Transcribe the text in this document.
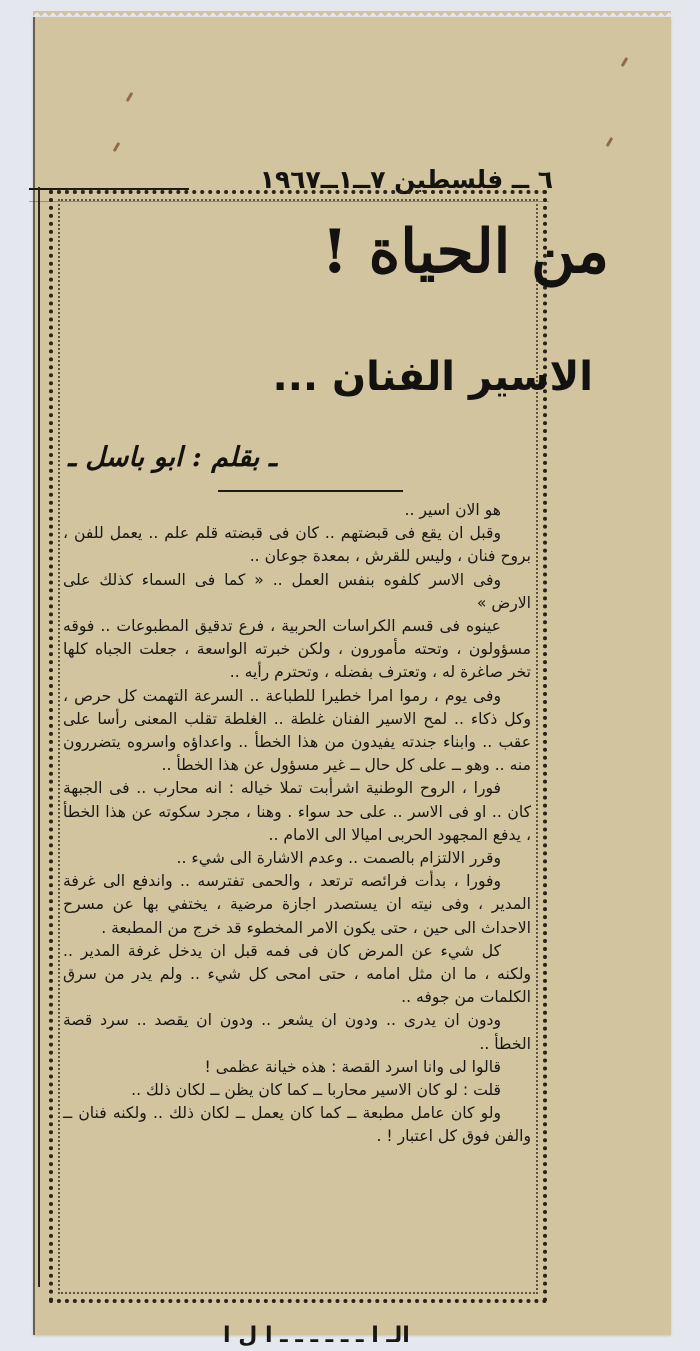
٦ ــ فلسطين ٧ــ١ــ١٩٦٧
من الحياة !
الاسير الفنان ...
ـ بقلم : ابو باسل ـ

هو الان اسير ..

وقبل ان يقع فى قبضتهم .. كان فى قبضته قلم علم .. يعمل للفن ، بروح فنان ، وليس للقرش ، بمعدة جوعان ..

وفى الاسر كلفوه بنفس العمل .. « كما فى السماء كذلك على الارض »

عينوه فى قسم الكراسات الحربية ، فرع تدقيق المطبوعات .. فوقه مسؤولون ، وتحته مأمورون ، ولكن خبرته الواسعة ، جعلت الجباه كلها تخر صاغرة له ، وتعترف بفضله ، وتحترم رأيه ..

وفى يوم ، رموا امرا خطيرا للطباعة .. السرعة التهمت كل حرص ، وكل ذكاء .. لمح الاسير الفنان غلطة .. الغلطة تقلب المعنى رأسا على عقب .. وابناء جندته يفيدون من هذا الخطأ .. واعداؤه واسروه يتضررون منه .. وهو ــ على كل حال ــ غير مسؤول عن هذا الخطأ ..

فورا ، الروح الوطنية اشرأبت تملا خياله : انه محارب .. فى الجبهة كان .. او فى الاسر .. على حد سواء . وهنا ، مجرد سكوته عن هذا الخطأ ، يدفع المجهود الحربى اميالا الى الامام ..

وقرر الالتزام بالصمت .. وعدم الاشارة الى شيء ..

وفورا ، بدأت فرائصه ترتعد ، والحمى تفترسه .. واندفع الى غرفة المدير ، وفى نيته ان يستصدر اجازة مرضية ، يختفي بها عن مسرح الاحداث الى حين ، حتى يكون الامر المخطوء قد خرج من المطبعة .

كل شيء عن المرض كان فى فمه قبل ان يدخل غرفة المدير .. ولكنه ، ما ان مثل امامه ، حتى امحى كل شيء .. ولم يدر من سرق الكلمات من جوفه ..

ودون ان يدرى .. ودون ان يشعر .. ودون ان يقصد .. سرد قصة الخطأ ..

قالوا لى وانا اسرد القصة : هذه خيانة عظمى !

قلت : لو كان الاسير محاربا ــ كما كان يظن ــ لكان ذلك ..

ولو كان عامل مطبعة ــ كما كان يعمل ــ لكان ذلك .. ولكنه فنان ــ والفن فوق كل اعتبار ! .

الـ ا ـ ـ ـ ـ ـ ـ ا ل ا
